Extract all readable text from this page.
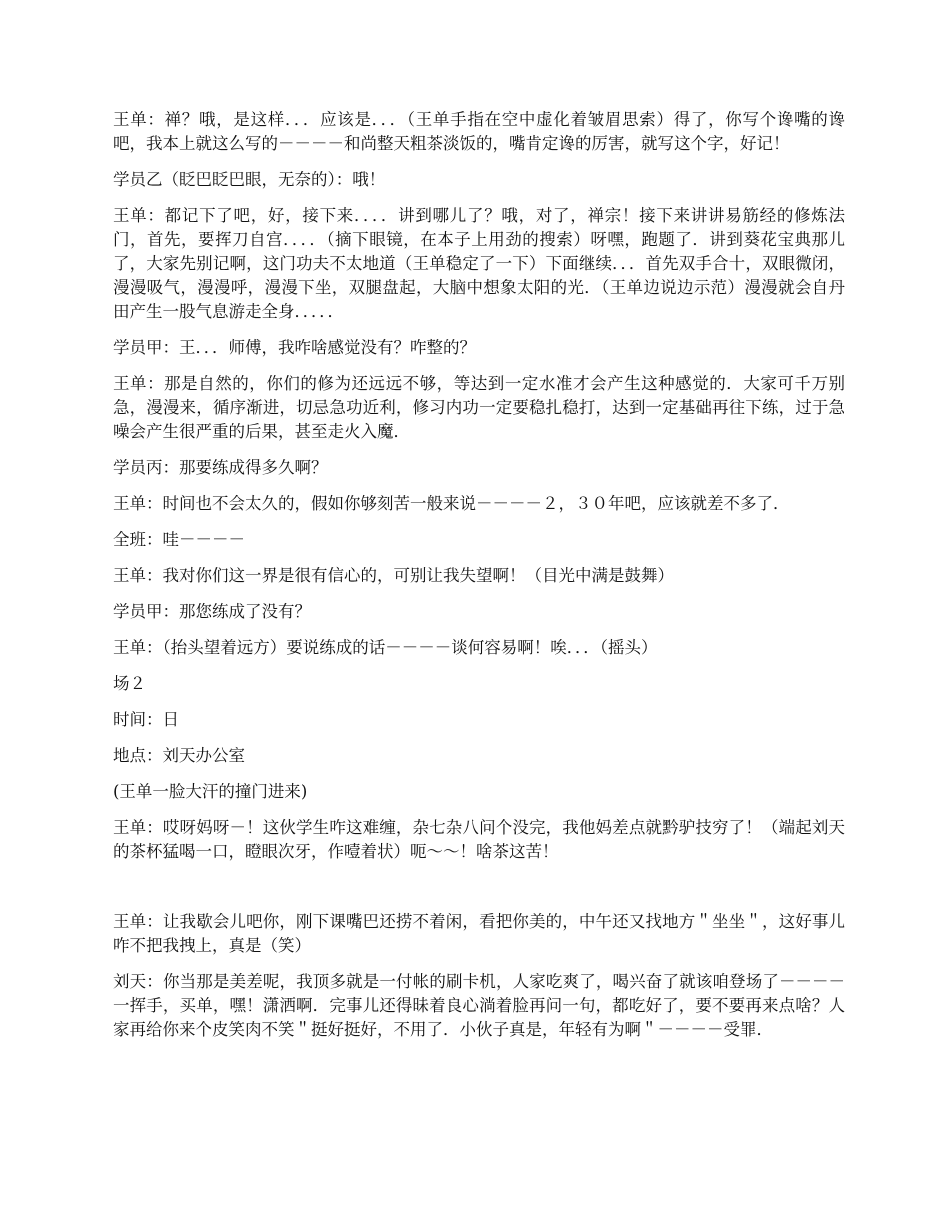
王单：禅？哦，是这样．．．应该是．．．（王单手指在空中虚化着皱眉思索）得了，你写个谗嘴的谗吧，我本上就这么写的－－－－和尚整天粗茶淡饭的，嘴肯定谗的厉害，就写这个字，好记！

学员乙（眨巴眨巴眼，无奈的）：哦！

王单：都记下了吧，好，接下来．．．．讲到哪儿了？哦，对了，禅宗！接下来讲讲易筋经的修炼法门，首先，要挥刀自宫．．．．（摘下眼镜，在本子上用劲的搜索）呀嘿，跑题了．讲到葵花宝典那儿了，大家先别记啊，这门功夫不太地道（王单稳定了一下）下面继续．．．首先双手合十，双眼微闭，漫漫吸气，漫漫呼，漫漫下坐，双腿盘起，大脑中想象太阳的光．（王单边说边示范）漫漫就会自丹田产生一股气息游走全身．．．．．

学员甲：王．．．师傅，我咋啥感觉没有？咋整的？

王单：那是自然的，你们的修为还远远不够，等达到一定水准才会产生这种感觉的．大家可千万别急，漫漫来，循序渐进，切忌急功近利，修习内功一定要稳扎稳打，达到一定基础再往下练，过于急噪会产生很严重的后果，甚至走火入魔．

学员丙：那要练成得多久啊？

王单：时间也不会太久的，假如你够刻苦一般来说－－－－２，３０年吧，应该就差不多了．

全班：哇－－－－

王单：我对你们这一界是很有信心的，可别让我失望啊！（目光中满是鼓舞）

学员甲：那您练成了没有？

王单：（抬头望着远方）要说练成的话－－－－谈何容易啊！唉．．．（摇头）

场２

时间：日

地点：刘天办公室

(王单一脸大汗的撞门进来)

王单：哎呀妈呀－！这伙学生咋这难缠，杂七杂八问个没完，我他妈差点就黔驴技穷了！（端起刘天的茶杯猛喝一口，瞪眼次牙，作噎着状）呃～～！啥茶这苦！

王单：让我歇会儿吧你，刚下课嘴巴还捞不着闲，看把你美的，中午还又找地方＂坐坐＂，这好事儿咋不把我拽上，真是（笑）

刘天：你当那是美差呢，我顶多就是一付帐的刷卡机，人家吃爽了，喝兴奋了就该咱登场了－－－－一挥手，买单，嘿！潇洒啊．完事儿还得昧着良心淌着脸再问一句，都吃好了，要不要再来点啥？人家再给你来个皮笑肉不笑＂挺好挺好，不用了．小伙子真是，年轻有为啊＂－－－－受罪．
